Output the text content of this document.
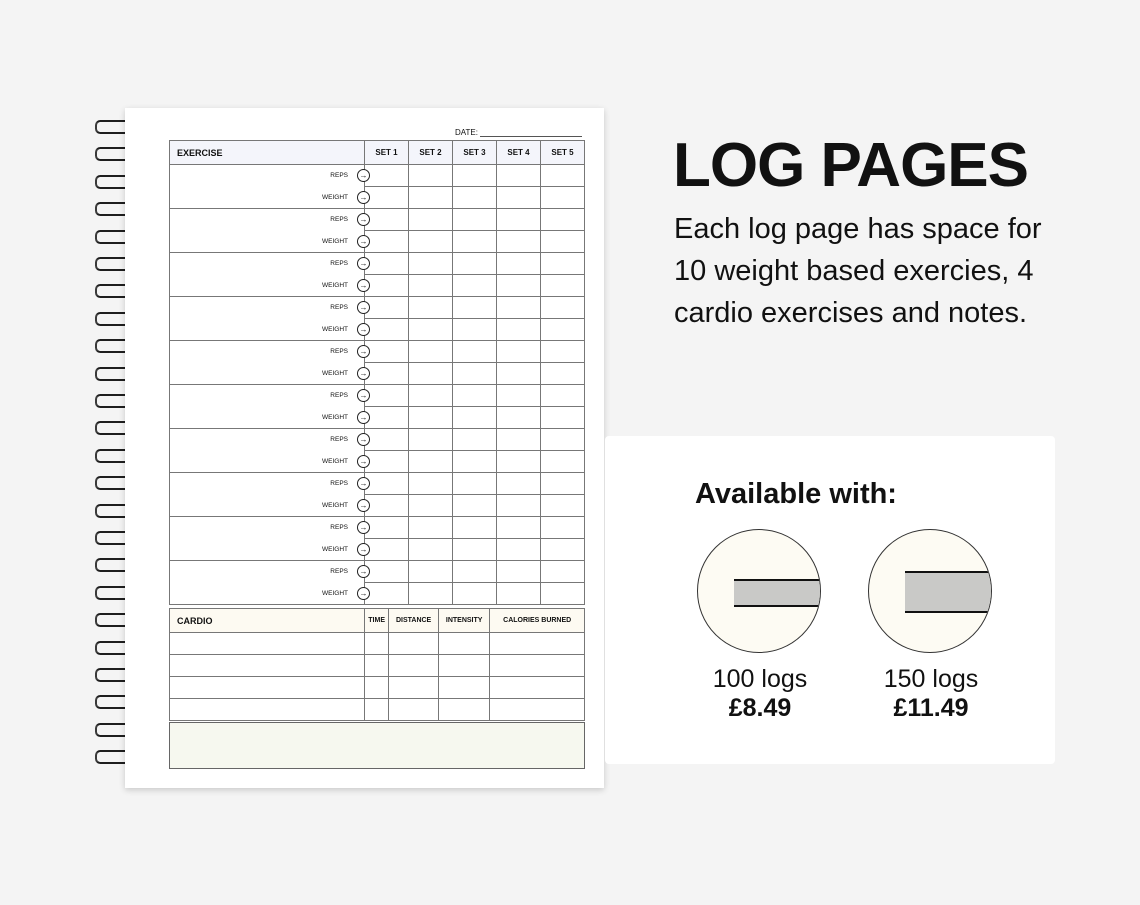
DATE:
EXERCISE	SET 1	SET 2	SET 3	SET 4	SET 5
REPS →					

WEIGHT →					

REPS →					

WEIGHT →					

REPS →					

WEIGHT →					

REPS →					

WEIGHT →					

REPS →					

WEIGHT →					

REPS →					

WEIGHT →					

REPS →					

WEIGHT →					

REPS →					

WEIGHT →					

REPS →					

WEIGHT →					

REPS →					

WEIGHT →					

CARDIO	TIME	DISTANCE	INTENSITY	CALORIES BURNED

LOG PAGES

Each log page has space for 10 weight based exercies, 4 cardio exercises and notes.

Available with:
100 logs
£8.49
150 logs
£11.49
